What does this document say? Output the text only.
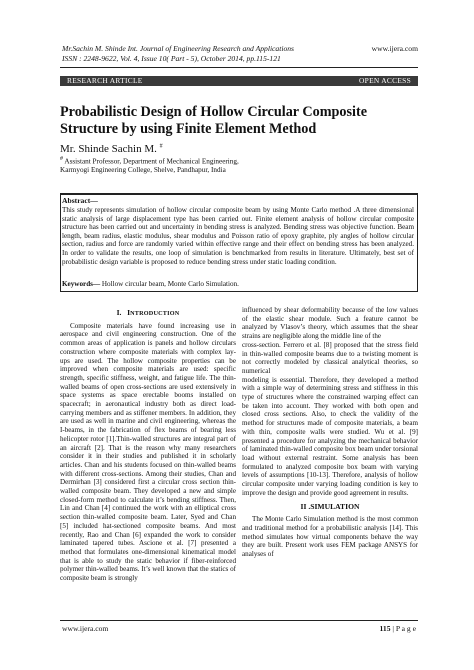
Mr.Sachin M. Shinde Int. Journal of Engineering Research and Applications
ISSN : 2248-9622, Vol. 4, Issue 10( Part - 5), October 2014, pp.115-121
www.ijera.com
RESEARCH ARTICLE	OPEN ACCESS
Probabilistic Design of Hollow Circular Composite Structure by using Finite Element Method
Mr. Shinde Sachin M. #
# Assistant Professor, Department of Mechanical Engineering,
Karmyogi Engineering College, Shelve, Pandhapur, India
Abstract—
This study represents simulation of hollow circular composite beam by using Monte Carlo method .A three dimensional static analysis of large displacement type has been carried out. Finite element analysis of hollow circular composite structure has been carried out and uncertainty in bending stress is analyzed. Bending stress was objective function. Beam length, beam radius, elastic modulus, shear modulus and Poisson ratio of epoxy graphite, ply angles of hollow circular section, radius and force are randomly varied within effective range and their effect on bending stress has been analyzed. In order to validate the results, one loop of simulation is benchmarked from results in literature. Ultimately, best set of probabilistic design variable is proposed to reduce bending stress under static loading condition.
Keywords— Hollow circular beam, Monte Carlo Simulation.
I. INTRODUCTION

Composite materials have found increasing use in aerospace and civil engineering construction. One of the common areas of application is panels and hollow circulars construction where composite materials with complex lay-ups are used. The hollow composite properties can be improved when composite materials are used: specific strength, specific stiffness, weight, and fatigue life. The thin-walled beams of open cross-sections are used extensively in space systems as space erectable booms installed on spacecraft; in aeronautical industry both as direct load-carrying members and as stiffener members. In addition, they are used as well in marine and civil engineering, whereas the I-beams, in the fabrication of flex beams of bearing less helicopter rotor [1].Thin-walled structures are integral part of an aircraft [2]. That is the reason why many researchers consider it in their studies and published it in scholarly articles. Chan and his students focused on thin-walled beams with different cross-sections. Among their studies, Chan and Dermirhan [3] considered first a circular cross section thin-walled composite beam. They developed a new and simple closed-form method to calculate it’s bending stiffness. Then, Lin and Chan [4] continued the work with an elliptical cross section thin-walled composite beam. Later, Syed and Chan [5] included hat-sectioned composite beams. And most recently, Rao and Chan [6] expanded the work to consider laminated tapered tubes. Ascione et al. [7] presented a method that formulates one-dimensional kinematical model that is able to study the static behavior if fiber-reinforced polymer thin-walled beams. It’s well known that the statics of composite beam is strongly

influenced by shear deformability because of the low values of the elastic shear module. Such a feature cannot be analyzed by Vlasov’s theory, which assumes that the shear strains are negligible along the middle line of the

cross-section. Ferrero et al. [8] proposed that the stress field in thin-walled composite beams due to a twisting moment is not correctly modeled by classical analytical theories, so numerical

modeling is essential. Therefore, they developed a method with a simple way of determining stress and stiffness in this type of structures where the constrained warping effect can be taken into account. They worked with both open and closed cross sections. Also, to check the validity of the method for structures made of composite materials, a beam with thin, composite walls were studied. Wu et al. [9] presented a procedure for analyzing the mechanical behavior of laminated thin-walled composite box beam under torsional load without external restraint. Some analysis has been formulated to analyzed composite box beam with varying levels of assumptions [10-13]. Therefore, analysis of hollow circular composite under varying loading condition is key to improve the design and provide good agreement in results.

II .SIMULATION

The Monte Carlo Simulation method is the most common and traditional method for a probabilistic analysis [14]. This method simulates how virtual components behave the way they are built. Present work uses FEM package ANSYS for analyses of

www.ijera.com	115 | P a g e
